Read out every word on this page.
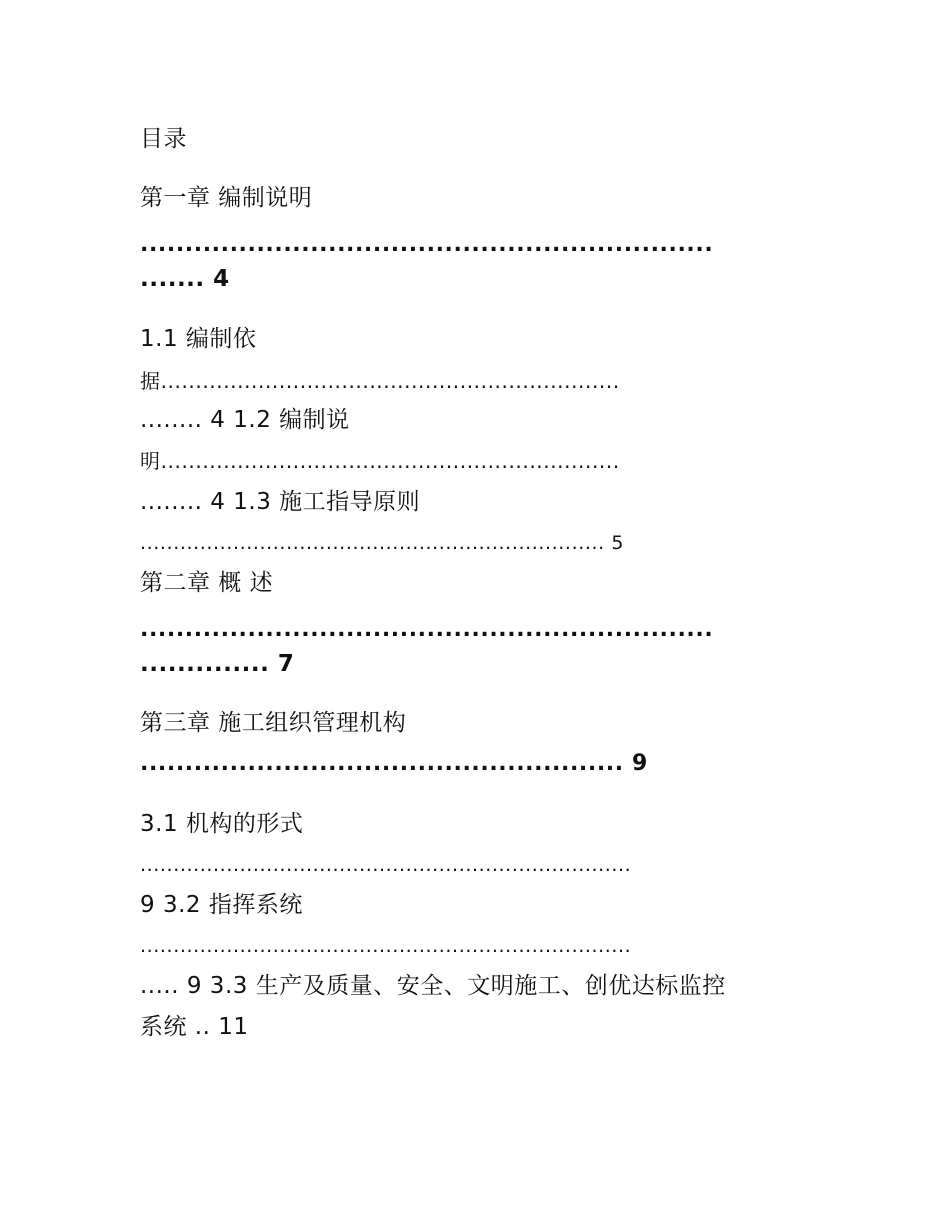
目录
第一章 编制说明
................................................................
....... 4
1.1 编制依
据..................................................................
........ 4 1.2 编制说
明..................................................................
........ 4 1.3 施工指导原则
...................................................................... 5
第二章 概 述
................................................................
.............. 7
第三章 施工组织管理机构
...................................................... 9
3.1 机构的形式
..........................................................................
9 3.2 指挥系统
..........................................................................
..... 9 3.3 生产及质量、安全、文明施工、创优达标监控
系统 .. 11
